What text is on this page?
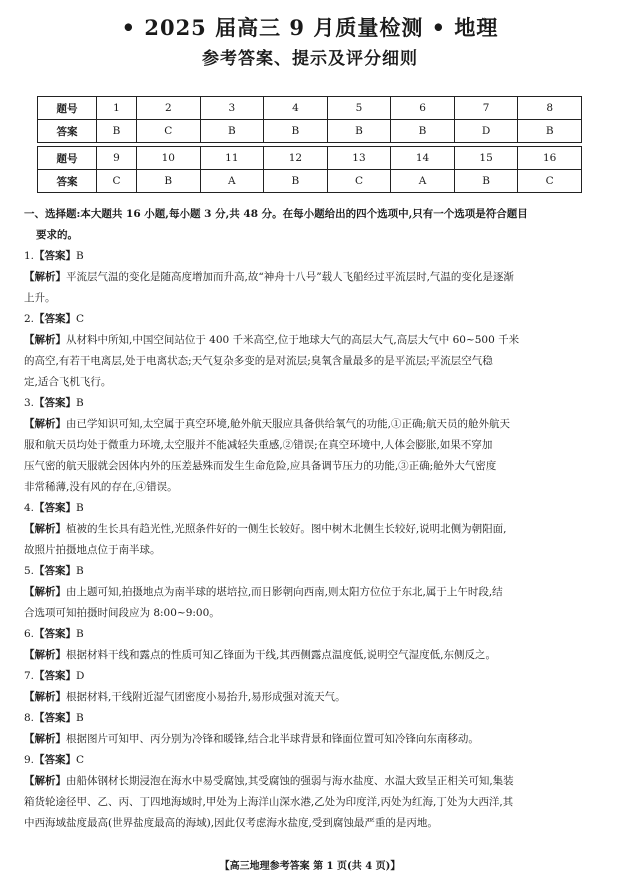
• 2025 届高三 9 月质量检测 • 地理
参考答案、提示及评分细则
题号	1	2	3	4	5	6	7	8
答案	B	C	B	B	B	B	D	B

题号	9	10	11	12	13	14	15	16
答案	C	B	A	B	C	A	B	C

一、选择题:本大题共 16 小题,每小题 3 分,共 48 分。在每小题给出的四个选项中,只有一个选项是符合题目

要求的。

1.【答案】B

【解析】平流层气温的变化是随高度增加而升高,故“神舟十八号”载人飞船经过平流层时,气温的变化是逐渐

上升。

2.【答案】C

【解析】从材料中所知,中国空间站位于 400 千米高空,位于地球大气的高层大气,高层大气中 60~500 千米

的高空,有若干电离层,处于电离状态;天气复杂多变的是对流层;臭氧含量最多的是平流层;平流层空气稳

定,适合飞机飞行。

3.【答案】B

【解析】由已学知识可知,太空属于真空环境,舱外航天服应具备供给氧气的功能,①正确;航天员的舱外航天

服和航天员均处于微重力环境,太空服并不能减轻失重感,②错误;在真空环境中,人体会膨胀,如果不穿加

压气密的航天服就会因体内外的压差悬殊而发生生命危险,应具备调节压力的功能,③正确;舱外大气密度

非常稀薄,没有风的存在,④错误。

4.【答案】B

【解析】植被的生长具有趋光性,光照条件好的一侧生长较好。图中树木北侧生长较好,说明北侧为朝阳面,

故照片拍摄地点位于南半球。

5.【答案】B

【解析】由上题可知,拍摄地点为南半球的堪培拉,而日影朝向西南,则太阳方位位于东北,属于上午时段,结

合选项可知拍摄时间段应为 8:00~9:00。

6.【答案】B

【解析】根据材料干线和露点的性质可知乙锋面为干线,其西侧露点温度低,说明空气湿度低,东侧反之。

7.【答案】D

【解析】根据材料,干线附近湿气团密度小易抬升,易形成强对流天气。

8.【答案】B

【解析】根据图片可知甲、丙分别为冷锋和暖锋,结合北半球背景和锋面位置可知冷锋向东南移动。

9.【答案】C

【解析】由船体钢材长期浸泡在海水中易受腐蚀,其受腐蚀的强弱与海水盐度、水温大致呈正相关可知,集装

箱货轮途径甲、乙、丙、丁四地海域时,甲处为上海洋山深水港,乙处为印度洋,丙处为红海,丁处为大西洋,其

中西海域盐度最高(世界盐度最高的海域),因此仅考虑海水盐度,受到腐蚀最严重的是丙地。

【高三地理参考答案 第 1 页(共 4 页)】
